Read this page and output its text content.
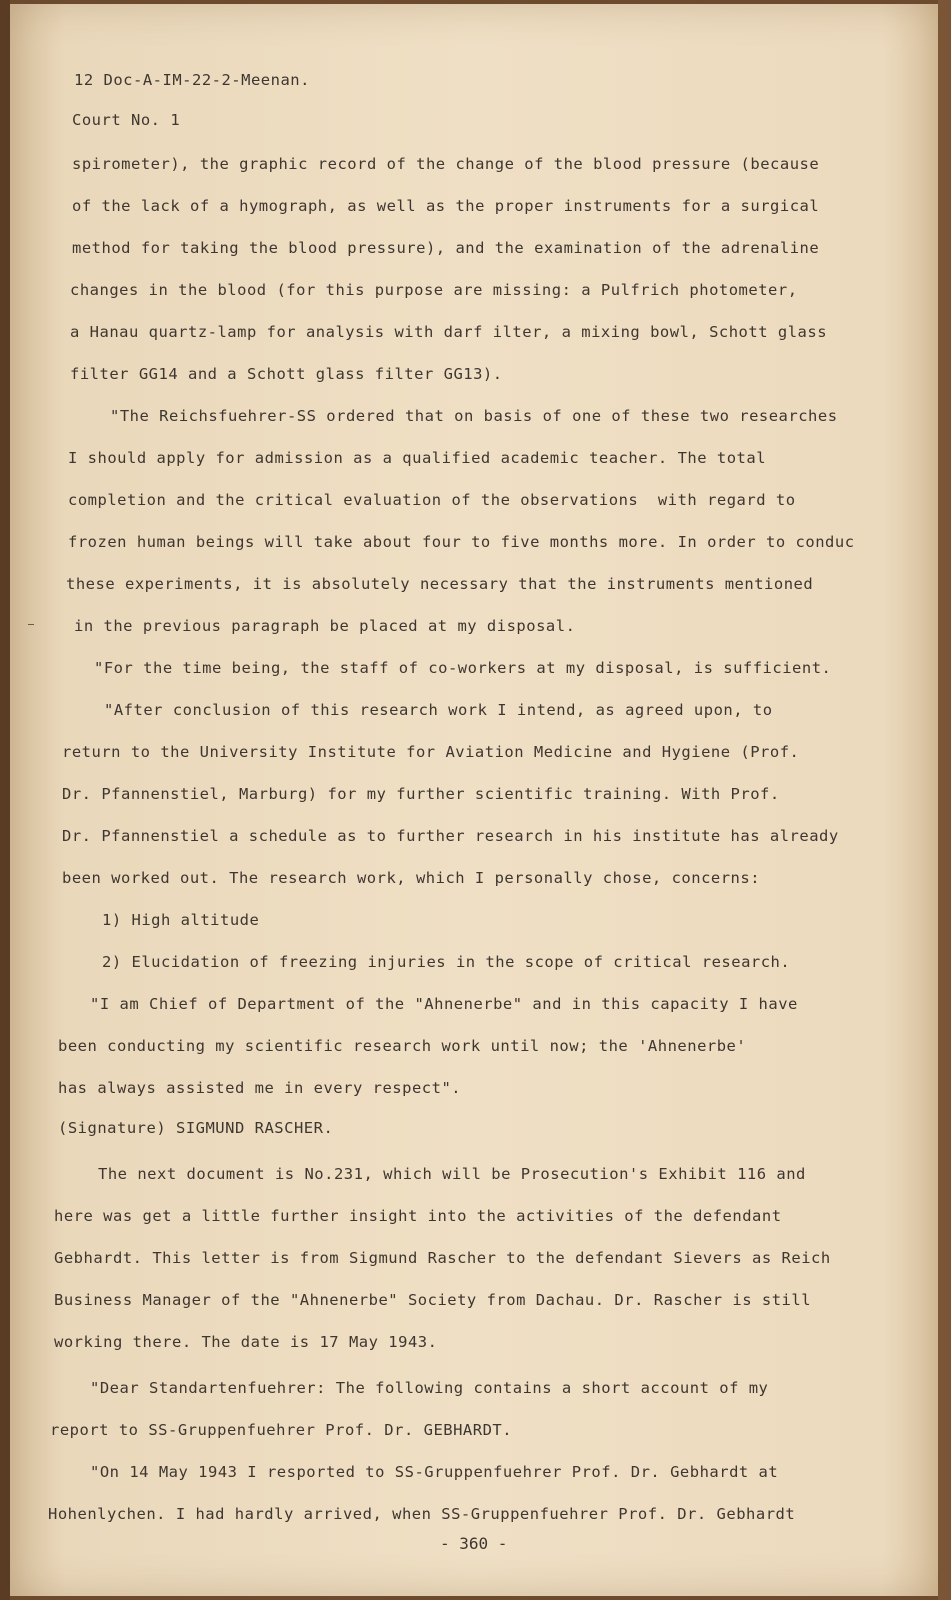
12 Doc-A-IM-22-2-Meenan.

Court No. 1

spirometer), the graphic record of the change of the blood pressure (because

of the lack of a hymograph, as well as the proper instruments for a surgical

method for taking the blood pressure), and the examination of the adrenaline

changes in the blood (for this purpose are missing: a Pulfrich photometer,

a Hanau quartz-lamp for analysis with darf ilter, a mixing bowl, Schott glass

filter GG14 and a Schott glass filter GG13).

"The Reichsfuehrer-SS ordered that on basis of one of these two researches

I should apply for admission as a qualified academic teacher. The total

completion and the critical evaluation of the observations  with regard to

frozen human beings will take about four to five months more. In order to conduc

these experiments, it is absolutely necessary that the instruments mentioned

in the previous paragraph be placed at my disposal.

"For the time being, the staff of co-workers at my disposal, is sufficient.

"After conclusion of this research work I intend, as agreed upon, to

return to the University Institute for Aviation Medicine and Hygiene (Prof.

Dr. Pfannenstiel, Marburg) for my further scientific training. With Prof.

Dr. Pfannenstiel a schedule as to further research in his institute has already

been worked out. The research work, which I personally chose, concerns:

1) High altitude

2) Elucidation of freezing injuries in the scope of critical research.

"I am Chief of Department of the "Ahnenerbe" and in this capacity I have

been conducting my scientific research work until now; the 'Ahnenerbe'

has always assisted me in every respect".

(Signature) SIGMUND RASCHER.

The next document is No.231, which will be Prosecution's Exhibit 116 and

here was get a little further insight into the activities of the defendant

Gebhardt. This letter is from Sigmund Rascher to the defendant Sievers as Reich

Business Manager of the "Ahnenerbe" Society from Dachau. Dr. Rascher is still

working there. The date is 17 May 1943.

"Dear Standartenfuehrer: The following contains a short account of my

report to SS-Gruppenfuehrer Prof. Dr. GEBHARDT.

"On 14 May 1943 I resported to SS-Gruppenfuehrer Prof. Dr. Gebhardt at

Hohenlychen. I had hardly arrived, when SS-Gruppenfuehrer Prof. Dr. Gebhardt

- 360 -
